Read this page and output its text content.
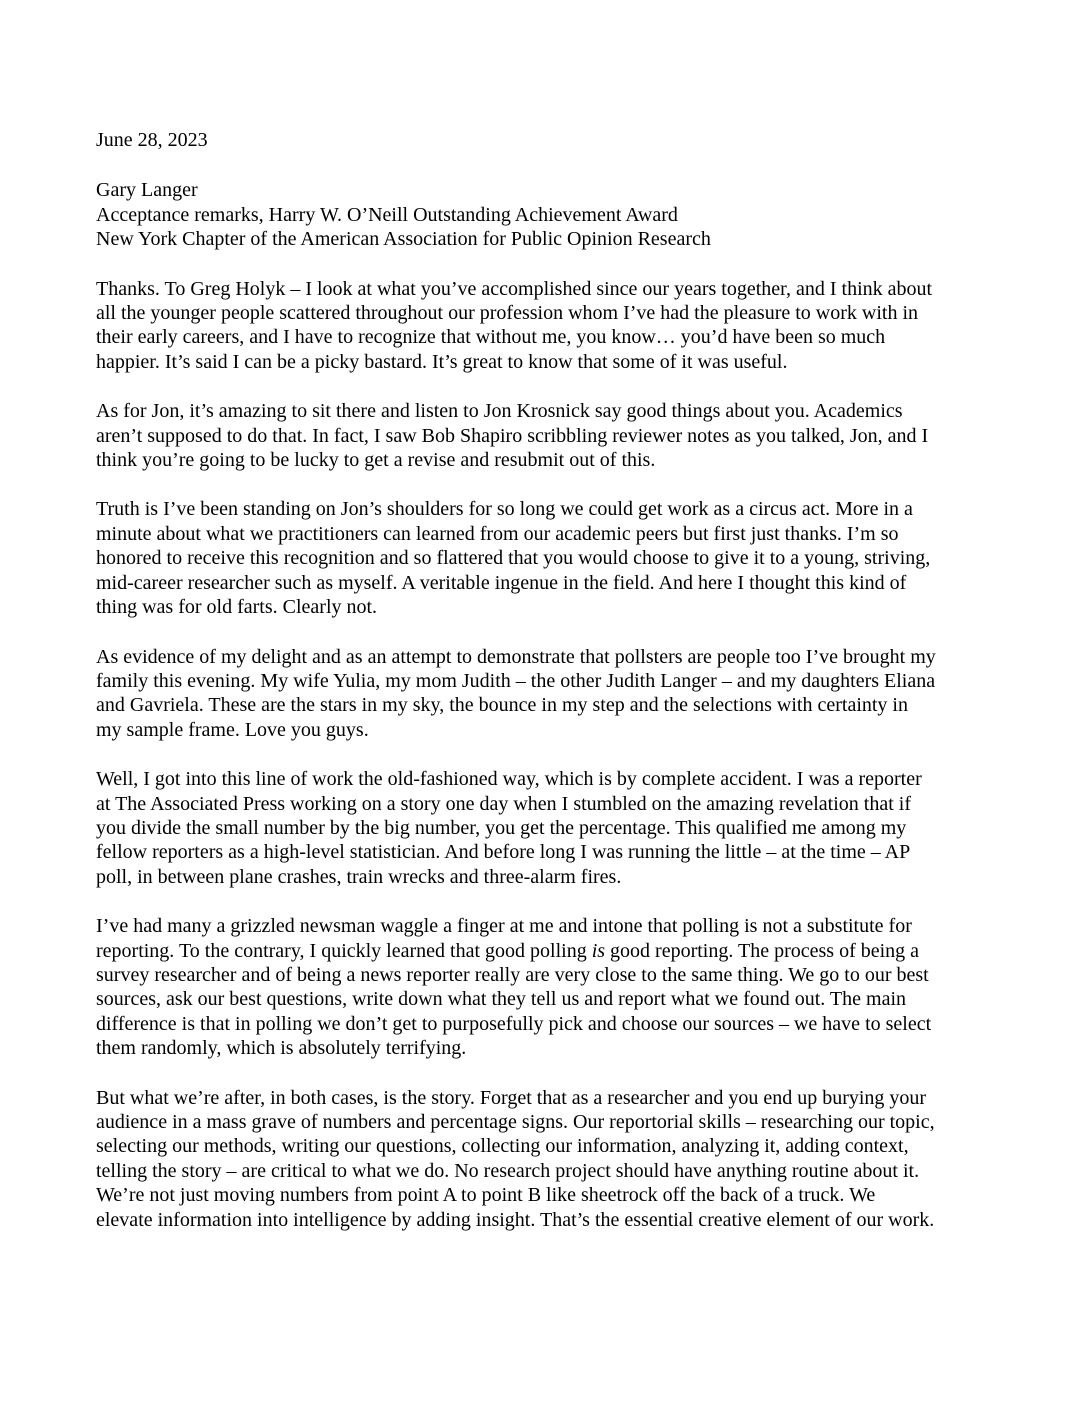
June 28, 2023
Gary Langer
Acceptance remarks, Harry W. O’Neill Outstanding Achievement Award
New York Chapter of the American Association for Public Opinion Research
Thanks. To Greg Holyk – I look at what you’ve accomplished since our years together, and I think about
all the younger people scattered throughout our profession whom I’ve had the pleasure to work with in
their early careers, and I have to recognize that without me, you know… you’d have been so much
happier. It’s said I can be a picky bastard. It’s great to know that some of it was useful.
As for Jon, it’s amazing to sit there and listen to Jon Krosnick say good things about you. Academics
aren’t supposed to do that. In fact, I saw Bob Shapiro scribbling reviewer notes as you talked, Jon, and I
think you’re going to be lucky to get a revise and resubmit out of this.
Truth is I’ve been standing on Jon’s shoulders for so long we could get work as a circus act. More in a
minute about what we practitioners can learned from our academic peers but first just thanks. I’m so
honored to receive this recognition and so flattered that you would choose to give it to a young, striving,
mid-career researcher such as myself. A veritable ingenue in the field. And here I thought this kind of
thing was for old farts. Clearly not.
As evidence of my delight and as an attempt to demonstrate that pollsters are people too I’ve brought my
family this evening. My wife Yulia, my mom Judith – the other Judith Langer – and my daughters Eliana
and Gavriela. These are the stars in my sky, the bounce in my step and the selections with certainty in
my sample frame. Love you guys.
Well, I got into this line of work the old-fashioned way, which is by complete accident. I was a reporter
at The Associated Press working on a story one day when I stumbled on the amazing revelation that if
you divide the small number by the big number, you get the percentage. This qualified me among my
fellow reporters as a high-level statistician. And before long I was running the little – at the time – AP
poll, in between plane crashes, train wrecks and three-alarm fires.
I’ve had many a grizzled newsman waggle a finger at me and intone that polling is not a substitute for
reporting. To the contrary, I quickly learned that good polling is good reporting. The process of being a
survey researcher and of being a news reporter really are very close to the same thing. We go to our best
sources, ask our best questions, write down what they tell us and report what we found out. The main
difference is that in polling we don’t get to purposefully pick and choose our sources – we have to select
them randomly, which is absolutely terrifying.
But what we’re after, in both cases, is the story. Forget that as a researcher and you end up burying your
audience in a mass grave of numbers and percentage signs. Our reportorial skills – researching our topic,
selecting our methods, writing our questions, collecting our information, analyzing it, adding context,
telling the story – are critical to what we do. No research project should have anything routine about it.
We’re not just moving numbers from point A to point B like sheetrock off the back of a truck. We
elevate information into intelligence by adding insight. That’s the essential creative element of our work.
